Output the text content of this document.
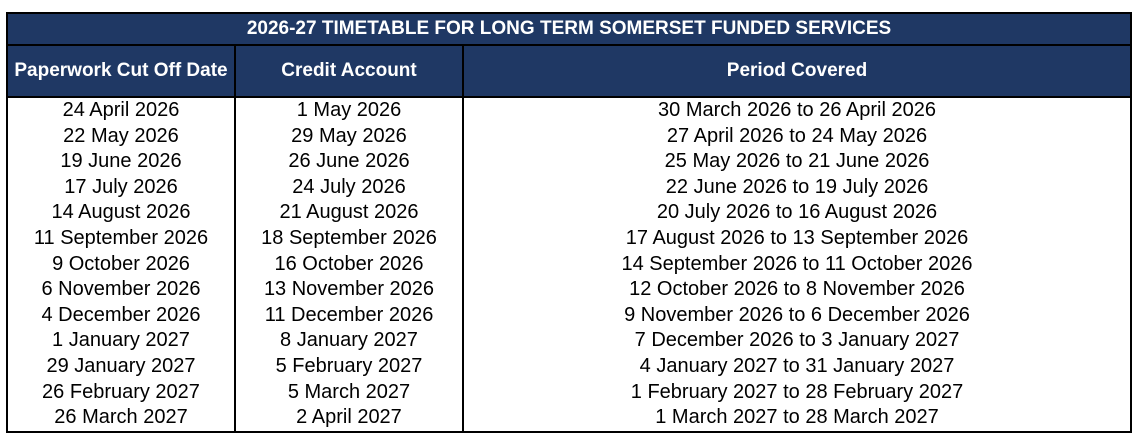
2026-27 TIMETABLE FOR LONG TERM SOMERSET FUNDED SERVICES		
Paperwork Cut Off Date	Credit Account	Period Covered
24 April 2026	1 May 2026	30 March 2026 to 26 April 2026
22 May 2026	29 May 2026	27 April 2026 to 24 May 2026
19 June 2026	26 June 2026	25 May 2026 to 21 June 2026
17 July 2026	24 July 2026	22 June 2026 to 19 July 2026
14 August 2026	21 August 2026	20 July 2026 to 16 August 2026
11 September 2026	18 September 2026	17 August 2026 to 13 September 2026
9 October 2026	16 October 2026	14 September 2026 to 11 October 2026
6 November 2026	13 November 2026	12 October 2026 to 8 November 2026
4 December 2026	11 December 2026	9 November 2026 to 6 December 2026
1 January 2027	8 January 2027	7 December 2026 to 3 January 2027
29 January 2027	5 February 2027	4 January 2027 to 31 January 2027
26 February 2027	5 March 2027	1 February 2027 to 28 February 2027
26 March 2027	2 April 2027	1 March 2027 to 28 March 2027
